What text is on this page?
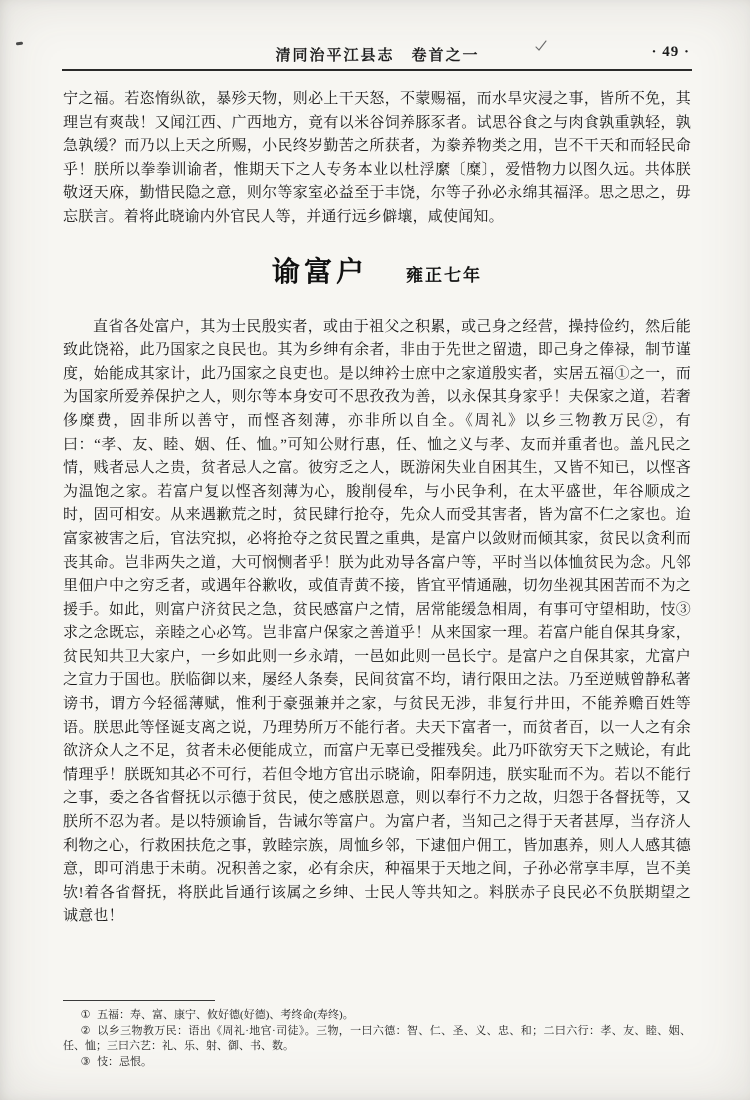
清同治平江县志　卷首之一	· 49 ·

宁之福。若恣惰纵欲，暴殄天物，则必上干天怒，不蒙赐福，而水旱灾浸之事，皆所不免，其理岂有爽哉！又闻江西、广西地方，竟有以米谷饲养豚豕者。试思谷食之与肉食孰重孰轻，孰急孰缓？而乃以上天之所赐，小民终岁勤苦之所获者，为豢养物类之用，岂不干天和而轻民命乎！朕所以拳拳训谕者，惟期天下之人专务本业以杜浮縻〔糜〕，爱惜物力以图久远。共体朕敬迓天庥，勤惜民隐之意，则尔等家室必益至于丰饶，尔等子孙必永绵其福泽。思之思之，毋忘朕言。着将此晓谕内外官民人等，并通行远乡僻壤，咸使闻知。

谕富户 雍正七年

直省各处富户，其为士民殷实者，或由于祖父之积累，或己身之经营，操持俭约，然后能致此饶裕，此乃国家之良民也。其为乡绅有余者，非由于先世之留遗，即己身之俸禄，制节谨度，始能成其家计，此乃国家之良吏也。是以绅衿士庶中之家道殷实者，实居五福①之一，而为国家所爱养保护之人，则尔等本身安可不思孜孜为善，以永保其身家乎！夫保家之道，若奢侈糜费，固非所以善守，而悭吝刻薄，亦非所以自全。《周礼》以乡三物教万民②，有曰：“孝、友、睦、姻、任、恤。”可知公财行惠，任、恤之义与孝、友而并重者也。盖凡民之情，贱者忌人之贵，贫者忌人之富。彼穷乏之人，既游闲失业自困其生，又皆不知已，以悭吝为温饱之家。若富户复以悭吝刻薄为心，朘削侵牟，与小民争利，在太平盛世，年谷顺成之时，固可相安。从来遇歉荒之时，贫民肆行抢夺，先众人而受其害者，皆为富不仁之家也。迨富家被害之后，官法究拟，必将抢夺之贫民置之重典，是富户以敛财而倾其家，贫民以贪利而丧其命。岂非两失之道，大可悯恻者乎！朕为此劝导各富户等，平时当以体恤贫民为念。凡邻里佃户中之穷乏者，或遇年谷歉收，或值青黄不接，皆宜平情通融，切勿坐视其困苦而不为之援手。如此，则富户济贫民之急，贫民感富户之情，居常能缓急相周，有事可守望相助，忮③ 求之念既忘，亲睦之心必笃。岂非富户保家之善道乎！从来国家一理。若富户能自保其身家，贫民知共卫大家户，一乡如此则一乡永靖，一邑如此则一邑长宁。是富户之自保其家，尤富户之宣力于国也。朕临御以来，屡经人条奏，民间贫富不均，请行限田之法。乃至逆贼曾静私著谤书，谓方今轻徭薄赋，惟利于豪强兼并之家，与贫民无涉，非复行井田，不能养赡百姓等语。朕思此等怪诞支离之说，乃理势所万不能行者。夫天下富者一，而贫者百，以一人之有余欲济众人之不足，贫者未必便能成立，而富户无辜已受摧残矣。此乃吓欲穷天下之贼论，有此情理乎！朕既知其必不可行，若但令地方官出示晓谕，阳奉阴违，朕实耻而不为。若以不能行之事，委之各省督抚以示德于贫民，使之感朕恩意，则以奉行不力之故，归怨于各督抚等，又朕所不忍为者。是以特颁谕旨，告诫尔等富户。为富户者，当知己之得于天者甚厚，当存济人利物之心，行救困扶危之事，敦睦宗族，周恤乡邻，下逮佃户佣工，皆加惠养，则人人感其德意，即可消患于未萌。况积善之家，必有余庆，种福果于天地之间，子孙必常享丰厚，岂不美欤!着各省督抚，将朕此旨通行该属之乡绅、士民人等共知之。料朕赤子良民必不负朕期望之诚意也！

① 五福：寿、富、康宁、攸好德(好德)、考终命(寿终)。

② 以乡三物教万民：语出《周礼·地官·司徒》。三物，一曰六德：智、仁、圣、义、忠、和；二曰六行：孝、友、睦、姻、任、恤；三曰六艺：礼、乐、射、御、书、数。

③ 忮：忌恨。
